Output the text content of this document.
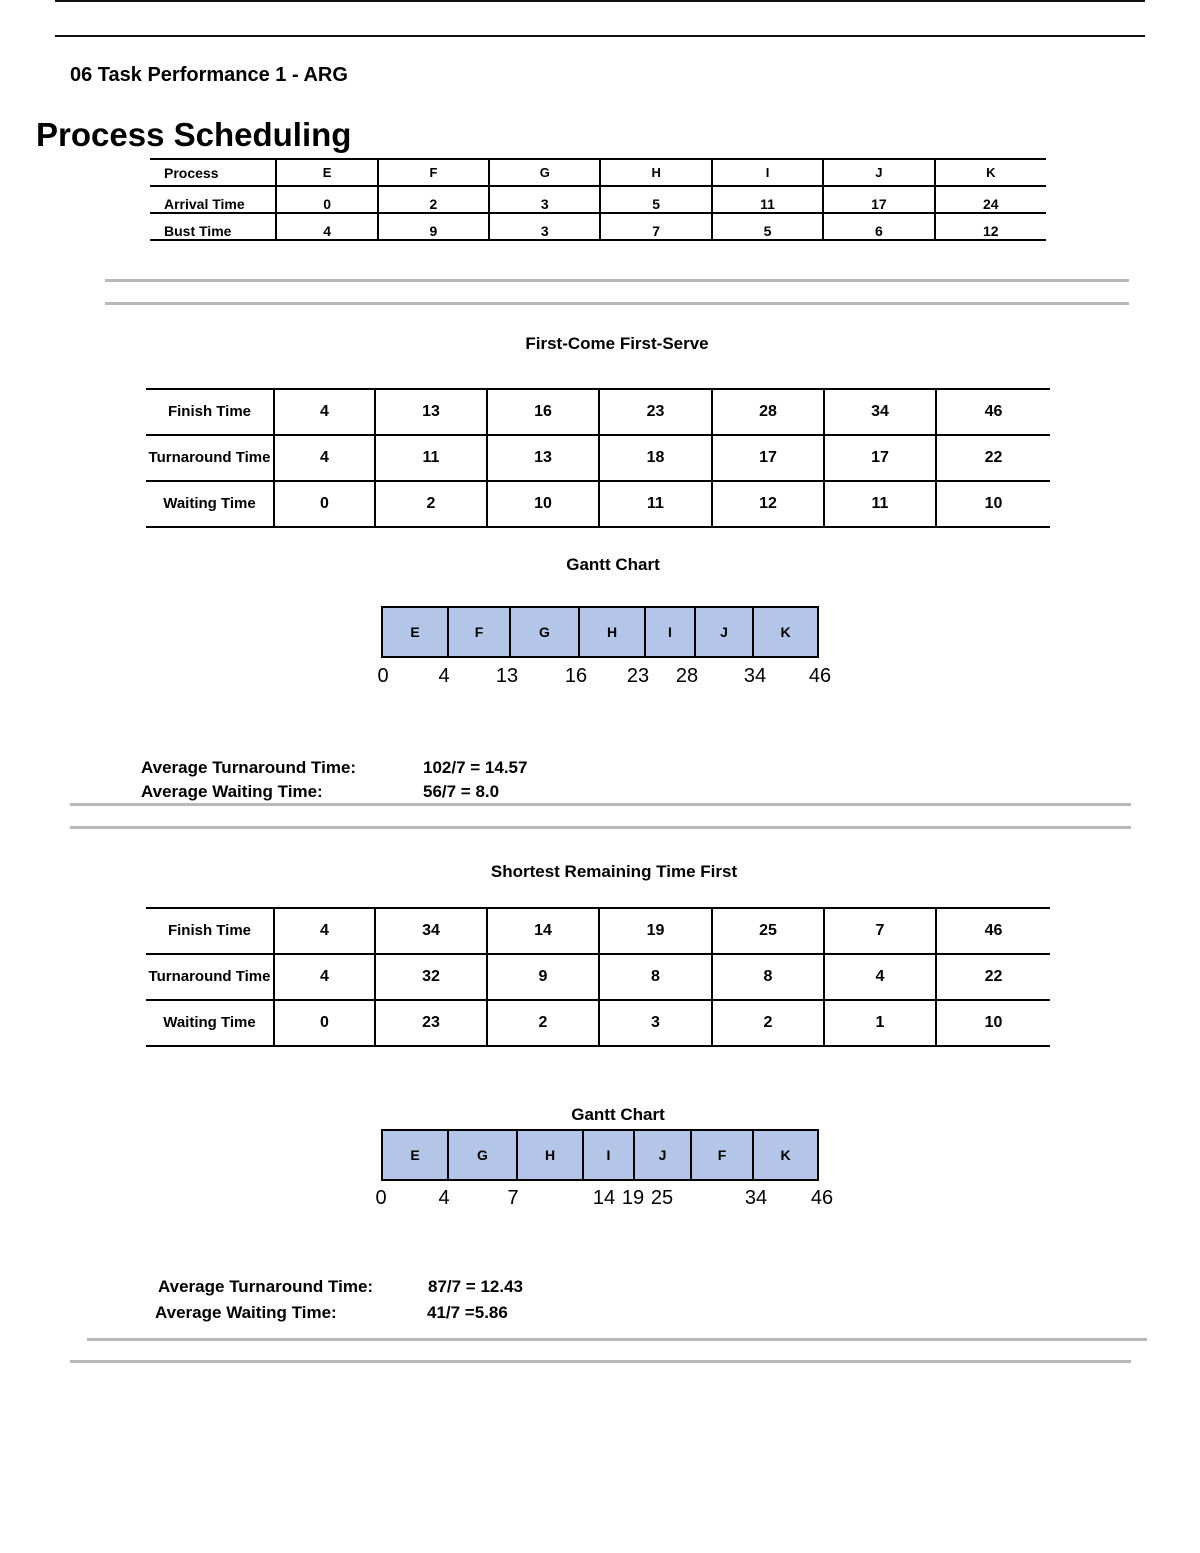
06 Task Performance 1 - ARG
Process Scheduling
Process	E	F	G	H	I	J	K
Arrival Time	0	2	3	5	11	17	24
Bust Time	4	9	3	7	5	6	12
First-Come First-Serve
Finish Time	4	13	16	23	28	34	46
Turnaround Time	4	11	13	18	17	17	22
Waiting Time	0	2	10	11	12	11	10
Gantt Chart
E	F	G	H	I	J	K
0 4 13 16 23 28 34 46
Average Turnaround Time:	102/7 = 14.57
Average Waiting Time:	56/7 = 8.0
Shortest Remaining Time First
Finish Time	4	34	14	19	25	7	46
Turnaround Time	4	32	9	8	8	4	22
Waiting Time	0	23	2	3	2	1	10
Gantt Chart
E	G	H	I	J	F	K
0	4	7	14 19 25	34 46
Average Turnaround Time:	87/7 = 12.43
Average Waiting Time:	41/7 =5.86
